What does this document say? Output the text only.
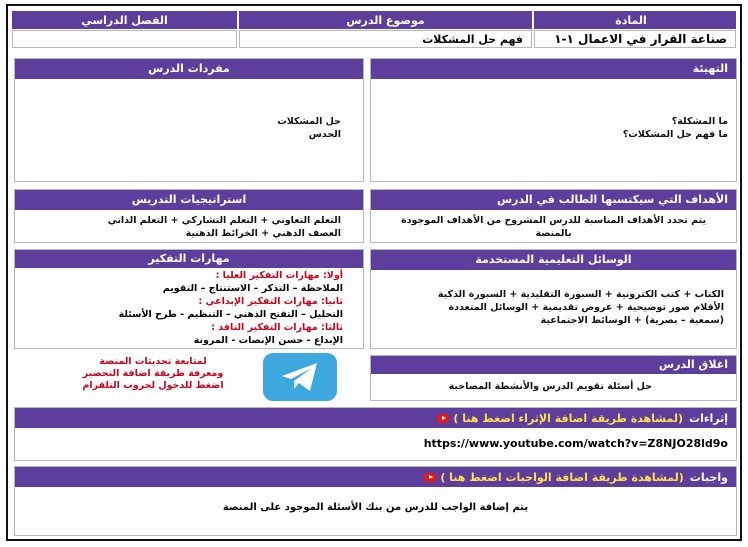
المادة
موضوع الدرس
الفصل الدراسي
صناعة القرار في الاعمال ١-١
فهم حل المشكلات
التهيئة
ما المشكلة؟
ما فهم حل المشكلات؟
مفردات الدرس
حل المشكلات
الحدس
الأهداف التي سيكتسبها الطالب في الدرس
يتم تحدد الأهداف المناسبة للدرس المشروح من الأهداف الموجودة
بالمنصة
استراتيجيات التدريس
التعلم التعاوني + التعلم التشاركي + التعلم الذاتي
العصف الذهني + الخرائط الذهنية
الوسائل التعليمية المستخدمة
الكتاب + كتب الكترونية + السبورة التقليدية + السبورة الذكية
الأقلام صور توضيحية + عروض تقديمية + الوسائل المتعددة
(سمعية – بصرية) + الوسائط الاجتماعية
مهارات التفكير
أولا: مهارات التفكير العليا :
الملاحظة – التذكر – الاستنتاج – التقويم
ثانيا: مهارات التفكير الإبداعي :
التحليل – التفتح الذهني – التنظيم - طرح الأسئلة
ثالثا: مهارات التفكير الناقد :
الإبداع - حسن الإنصات - المرونة
لمتابعة تحديثات المنصة
ومعرفة طريقة اضافة التحضير
اضغط للدخول لجروب التلقرام
اغلاق الدرس
حل أسئلة تقويم الدرس والأنشطة المصاحبة
إثراءات
(لمشاهدة طريقة اضافة الإثراء اضغط هنا )
https://www.youtube.com/watch?v=Z8NJO28ld9o
واجبات
(لمشاهدة طريقة اضافة الواجبات اضغط هنا )
يتم إضافة الواجب للدرس من بنك الأسئلة الموجود على المنصة
